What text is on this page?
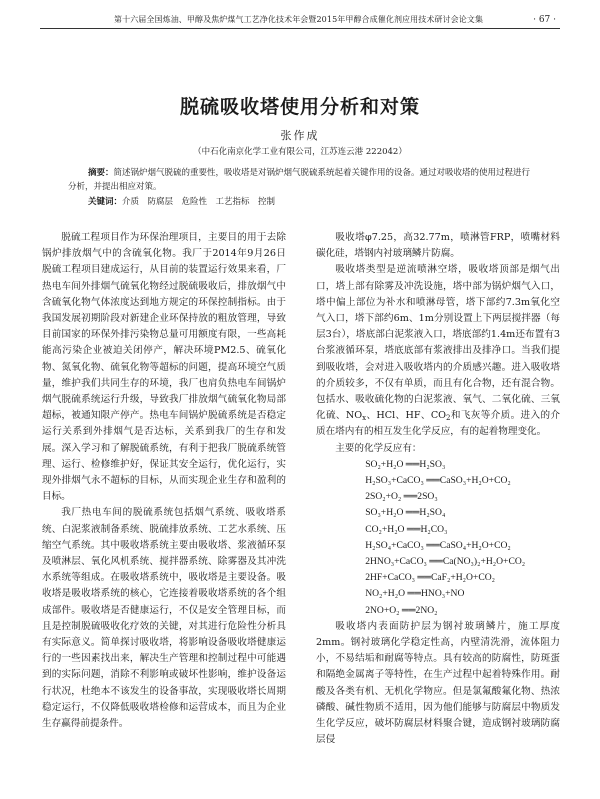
第十六届全国炼油、甲醇及焦炉煤气工艺净化技术年会暨2015年甲醇合成催化剂应用技术研讨会论文集	· 67 ·
脱硫吸收塔使用分析和对策
张作成
（中石化南京化学工业有限公司，江苏连云港 222042）

摘要：简述锅炉烟气脱硫的重要性，吸收塔是对锅炉烟气脱硫系统起着关键作用的设备。通过对吸收塔的使用过程进行分析，并提出相应对策。

关键词：介质　防腐层　危险性　工艺指标　控制

脱硫工程项目作为环保治理项目，主要目的用于去除锅炉排放烟气中的含硫氧化物。我厂于2014年9月26日脱硫工程项目建成运行，从目前的装置运行效果来看，厂热电车间外排烟气硫氧化物经过脱硫吸收后，排放烟气中含硫氧化物气体浓度达到地方规定的环保控制指标。由于我国发展初期阶段对新建企业环保持放的粗放管理，导致目前国家的环保外排污染物总量可用额度有限，一些高耗能高污染企业被迫关闭停产，解决环境PM2.5、硫氧化物、氮氧化物、硫氧化物等超标的问题，提高环境空气质量，维护我们共同生存的环境，我厂也肩负热电车间锅炉烟气脱硫系统运行升级，导致我厂排放烟气硫氧化物局部超标，被通知限产停产。热电车间锅炉脱硫系统是否稳定运行关系到外排烟气是否达标，关系到我厂的生存和发展。深入学习和了解脱硫系统，有利于把我厂脱硫系统管理、运行、检修维护好，保证其安全运行，优化运行，实现外排烟气永不超标的目标，从而实现企业生存和盈利的目标。

我厂热电车间的脱硫系统包括烟气系统、吸收塔系统、白泥浆液制备系统、脱硫排放系统、工艺水系统、压缩空气系统。其中吸收塔系统主要由吸收塔、浆液循环泵及喷淋层、氧化风机系统、搅拌器系统、除雾器及其冲洗水系统等组成。在吸收塔系统中，吸收塔是主要设备。吸收塔是吸收塔系统的核心，它连接着吸收塔系统的各个组成部件。吸收塔是否健康运行，不仅是安全管理目标，而且是控制脱硫吸收化疗效的关键，对其进行危险性分析具有实际意义。简单探讨吸收塔，将影响设备吸收塔健康运行的一些因素找出来，解决生产管理和控制过程中可能遇到的实际问题，消除不利影响或破坏性影响，维护设备运行状况，杜绝本不该发生的设备事故，实现吸收塔长周期稳定运行，不仅降低吸收塔检修和运营成本，而且为企业生存赢得前提条件。

吸收塔φ7.25，高32.77m，喷淋管FRP，喷嘴材料碳化硅，塔钢内衬玻璃鳞片防腐。

吸收塔类型是逆流喷淋空塔，吸收塔顶部是烟气出口，塔上部有除雾及冲洗设施，塔中部为锅炉烟气入口，塔中偏上部位为补水和喷淋母管，塔下部约7.3m氧化空气入口，塔下部约6m、1m分别设置上下两层搅拌器（每层3台），塔底部白泥浆液入口，塔底部约1.4m还布置有3台浆液循环泵，塔底底部有浆液排出及排净口。当我们提到吸收塔，会对进入吸收塔内的介质感兴趣。进入吸收塔的介质较多，不仅有单质，而且有化合物，还有混合物。包括水、吸收硫化物的白泥浆液、氧气、二氧化硫、三氧化硫、$NO_x$、HCl、HF、$CO_2$和飞灰等介质。进入的介质在塔内有的相互发生化学反应，有的起着物理变化。

主要的化学反应有：

SO₂+H₂O ══H₂SO₃

H₂SO₃+CaCO₃ ══CaSO₃+H₂O+CO₂

2SO₂+O₂ ══2SO₃

SO₃+H₂O ══H₂SO₄

CO₂+H₂O ══H₂CO₃

H₂SO₄+CaCO₃ ══CaSO₄+H₂O+CO₂

2HNO₃+CaCO₃ ══Ca(NO₃)₂+H₂O+CO₂

2HF+CaCO₃ ══CaF₂+H₂O+CO₂

NO₂+H₂O ══HNO₃+NO

2NO+O₂ ══2NO₂

吸收塔内表面防护层为钢衬玻璃鳞片，施工厚度2mm。钢衬玻璃化学稳定性高，内壁清洗滑，流体阻力小，不易结垢和耐腐等特点。具有较高的防腐性，防斑蛋和隔绝金属离子等特性，在生产过程中起着特殊作用。耐酸及各类有机、无机化学物应。但是氯氟酸氟化物、热浓磷酸、碱性物质不适用，因为他们能够与防腐层中物质发生化学反应，破坏防腐层材料聚合键，造成钢衬玻璃防腐层侵
